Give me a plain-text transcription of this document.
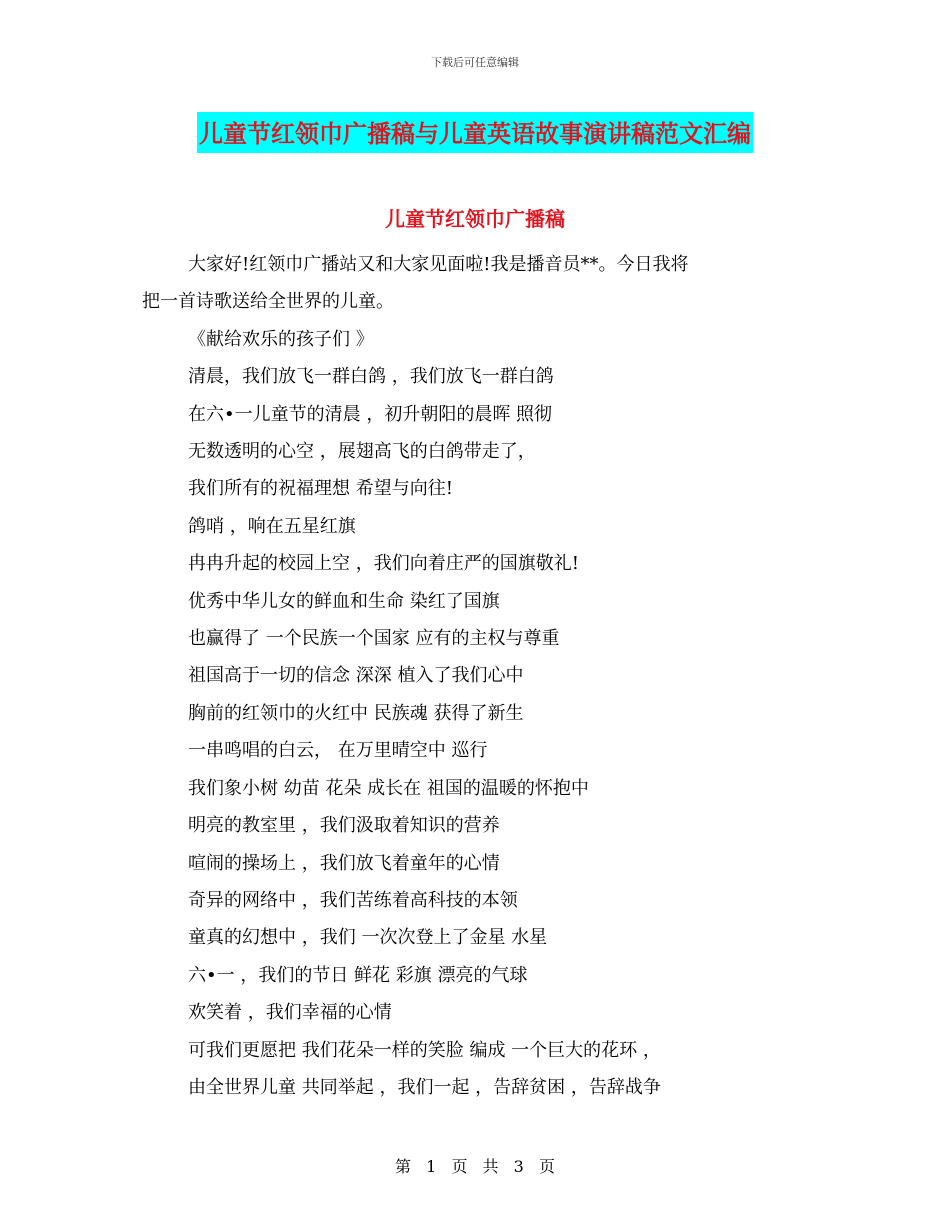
下载后可任意编辑
儿童节红领巾广播稿与儿童英语故事演讲稿范文汇编
儿童节红领巾广播稿

大家好!红领巾广播站又和大家见面啦!我是播音员**。今日我将

把一首诗歌送给全世界的儿童。

《献给欢乐的孩子们 》

清晨，我们放飞一群白鸽 ，我们放飞一群白鸽

在六•一儿童节的清晨 ，初升朝阳的晨晖 照彻

无数透明的心空 ，展翅高飞的白鸽带走了，

我们所有的祝福理想 希望与向往!

鸽哨 ，响在五星红旗

冉冉升起的校园上空 ，我们向着庄严的国旗敬礼!

优秀中华儿女的鲜血和生命 染红了国旗

也赢得了 一个民族一个国家 应有的主权与尊重

祖国高于一切的信念 深深 植入了我们心中

胸前的红领巾的火红中 民族魂 获得了新生

一串鸣唱的白云， 在万里晴空中 巡行

我们象小树 幼苗 花朵 成长在 祖国的温暖的怀抱中

明亮的教室里 ，我们汲取着知识的营养

喧闹的操场上 ，我们放飞着童年的心情

奇异的网络中 ，我们苦练着高科技的本领

童真的幻想中 ，我们 一次次登上了金星 水星

六•一 ，我们的节日 鲜花 彩旗 漂亮的气球

欢笑着 ，我们幸福的心情

可我们更愿把 我们花朵一样的笑脸 编成 一个巨大的花环 ，

由全世界儿童 共同举起 ，我们一起 ，告辞贫困 ，告辞战争

第 1 页 共 3 页
